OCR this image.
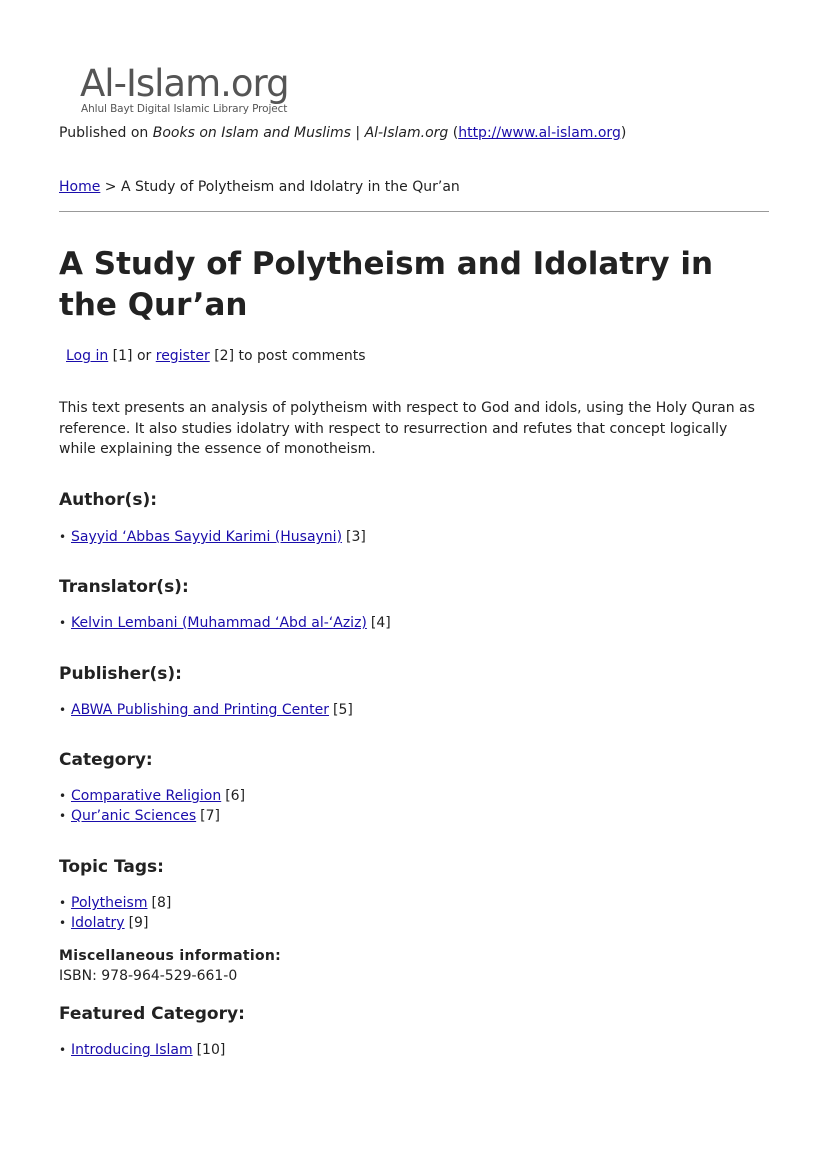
Al-Islam.org
Ahlul Bayt Digital Islamic Library Project
Published on Books on Islam and Muslims | Al-Islam.org (http://www.al-islam.org)
Home > A Study of Polytheism and Idolatry in the Qur’an
A Study of Polytheism and Idolatry in
the Qur’an
Log in [1] or register [2] to post comments

This text presents an analysis of polytheism with respect to God and idols, using the Holy Quran as reference. It also studies idolatry with respect to resurrection and refutes that concept logically while explaining the essence of monotheism.

Author(s):
• Sayyid ‘Abbas Sayyid Karimi (Husayni) [3]
Translator(s):
• Kelvin Lembani (Muhammad ‘Abd al-‘Aziz) [4]
Publisher(s):
• ABWA Publishing and Printing Center [5]
Category:
• Comparative Religion [6]
• Qur’anic Sciences [7]
Topic Tags:
• Polytheism [8]
• Idolatry [9]
Miscellaneous information:
ISBN: 978-964-529-661-0
Featured Category:
• Introducing Islam [10]
